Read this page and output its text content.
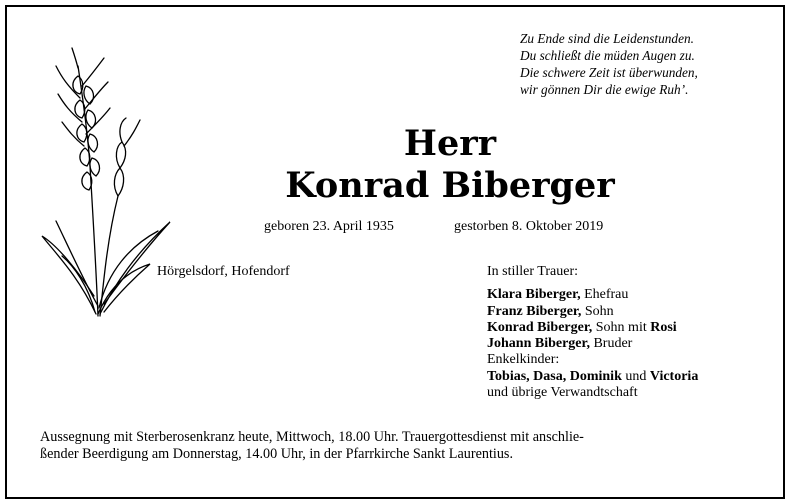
Zu Ende sind die Leidenstunden.
Du schließt die müden Augen zu.
Die schwere Zeit ist überwunden,
wir gönnen Dir die ewige Ruh’.
Herr
Konrad Biberger
geboren 23. April 1935	gestorben 8. Oktober 2019
Hörgelsdorf, Hofendorf	In stiller Trauer:
Klara Biberger, Ehefrau
Franz Biberger, Sohn
Konrad Biberger, Sohn mit Rosi
Johann Biberger, Bruder
Enkelkinder:
Tobias, Dasa, Dominik und Victoria
und übrige Verwandtschaft
Aussegnung mit Sterberosenkranz heute, Mittwoch, 18.00 Uhr. Trauergottesdienst mit anschlie-
ßender Beerdigung am Donnerstag, 14.00 Uhr, in der Pfarrkirche Sankt Laurentius.
